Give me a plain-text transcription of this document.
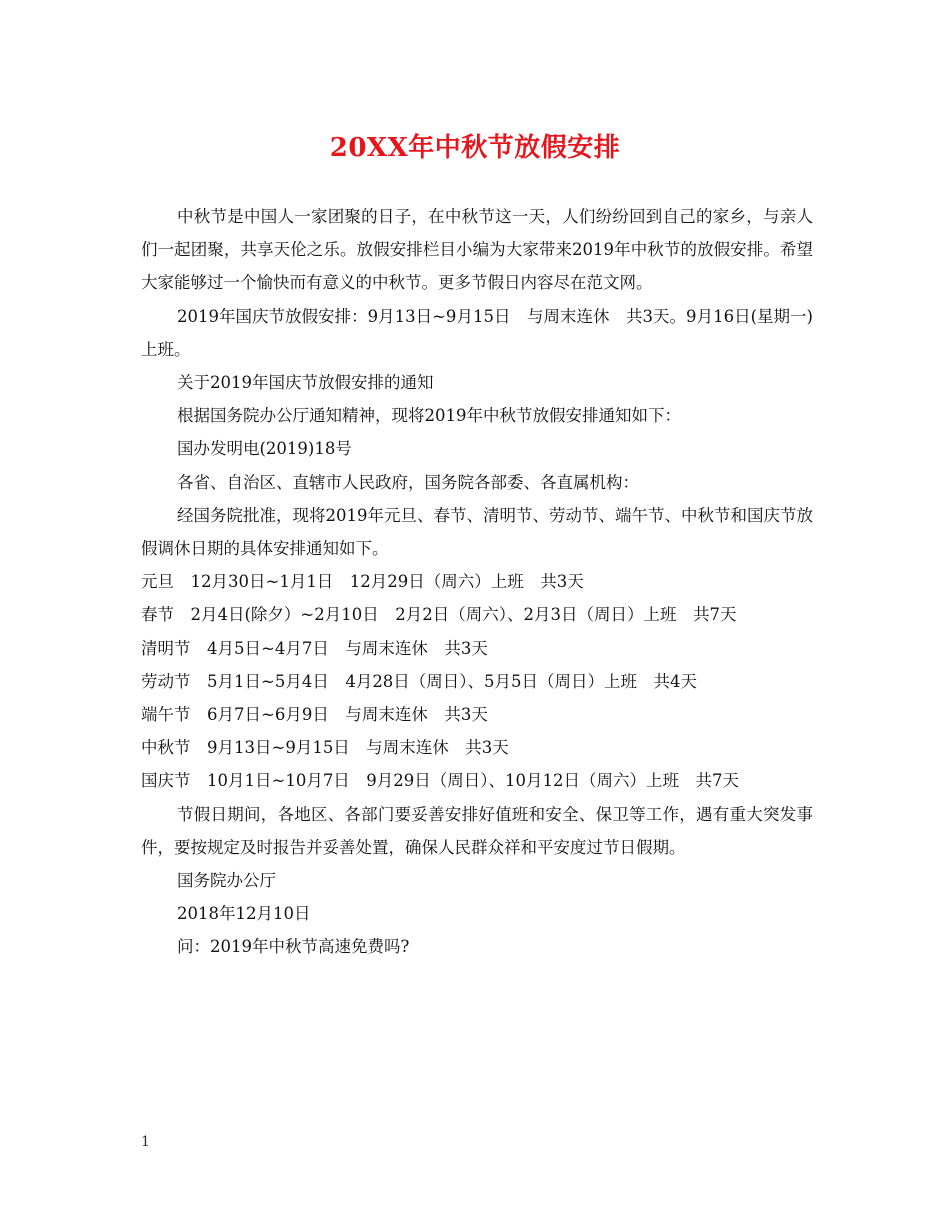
20XX年中秋节放假安排

中秋节是中国人一家团聚的日子，在中秋节这一天，人们纷纷回到自己的家乡，与亲人们一起团聚，共享天伦之乐。放假安排栏目小编为大家带来2019年中秋节的放假安排。希望大家能够过一个愉快而有意义的中秋节。更多节假日内容尽在范文网。

2019年国庆节放假安排：9月13日~9月15日　与周末连休　共3天。9月16日(星期一)上班。

关于2019年国庆节放假安排的通知

根据国务院办公厅通知精神，现将2019年中秋节放假安排通知如下：

国办发明电(2019)18号

各省、自治区、直辖市人民政府，国务院各部委、各直属机构：

经国务院批准，现将2019年元旦、春节、清明节、劳动节、端午节、中秋节和国庆节放假调休日期的具体安排通知如下。

元旦　12月30日~1月1日　12月29日（周六）上班　共3天

春节　2月4日(除夕）~2月10日　2月2日（周六）、2月3日（周日）上班　共7天

清明节　4月5日~4月7日　与周末连休　共3天

劳动节　5月1日~5月4日　4月28日（周日）、5月5日（周日）上班　共4天

端午节　6月7日~6月9日　与周末连休　共3天

中秋节　9月13日~9月15日　与周末连休　共3天

国庆节　10月1日~10月7日　9月29日（周日）、10月12日（周六）上班　共7天

节假日期间，各地区、各部门要妥善安排好值班和安全、保卫等工作，遇有重大突发事件，要按规定及时报告并妥善处置，确保人民群众祥和平安度过节日假期。

国务院办公厅

2018年12月10日

问：2019年中秋节高速免费吗?

1
